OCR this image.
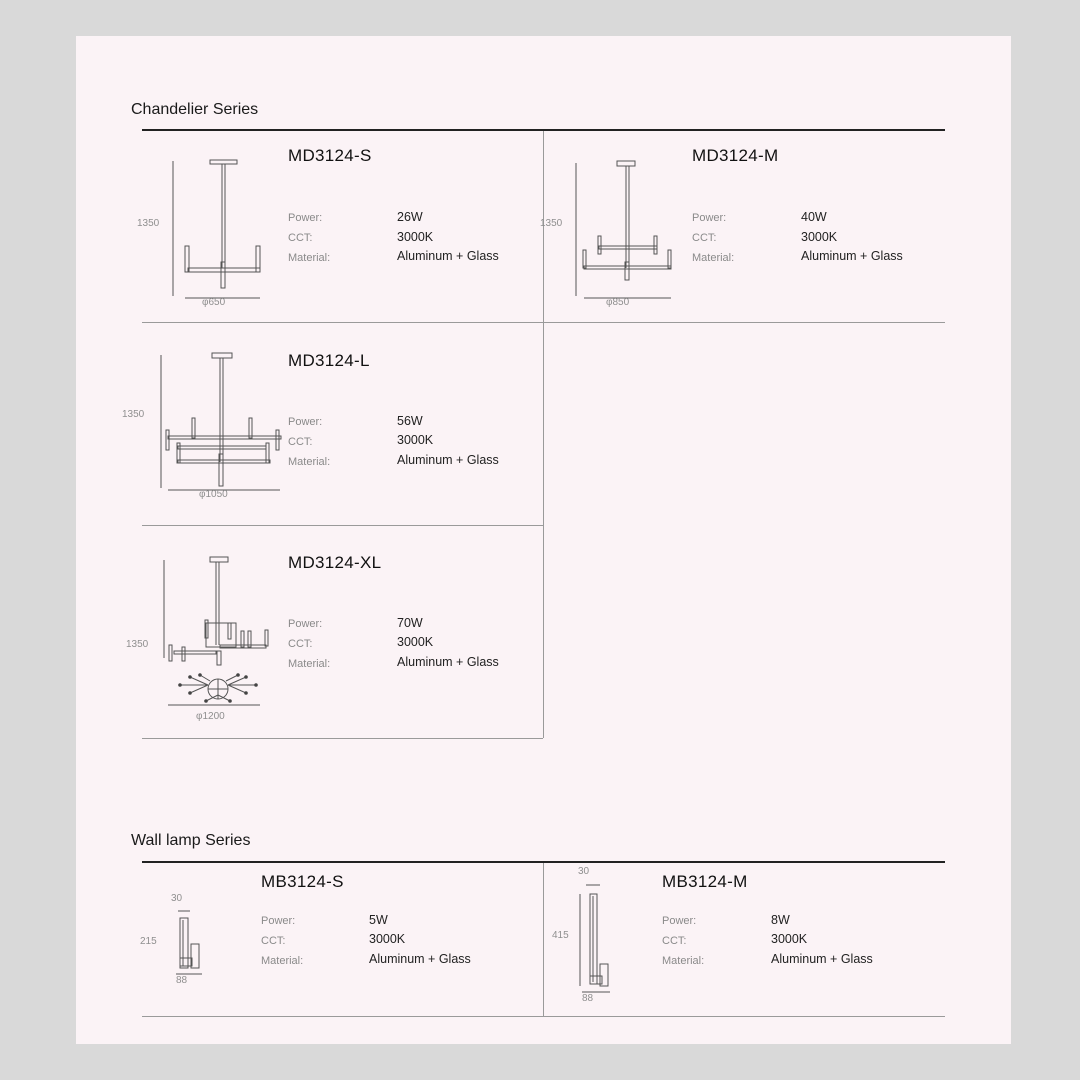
Chandelier Series
1350
φ650
MD3124-S
Power:	26W
CCT:	3000K
Material:	Aluminum + Glass
1350
φ850
MD3124-M
Power:	40W
CCT:	3000K
Material:	Aluminum + Glass
1350
φ1050
MD3124-L
Power:	56W
CCT:	3000K
Material:	Aluminum + Glass
1350
φ1200
MD3124-XL
Power:	70W
CCT:	3000K
Material:	Aluminum + Glass
Wall lamp Series
30
215
88
MB3124-S
Power:	5W
CCT:	3000K
Material:	Aluminum + Glass
30
415
88
MB3124-M
Power:	8W
CCT:	3000K
Material:	Aluminum + Glass
